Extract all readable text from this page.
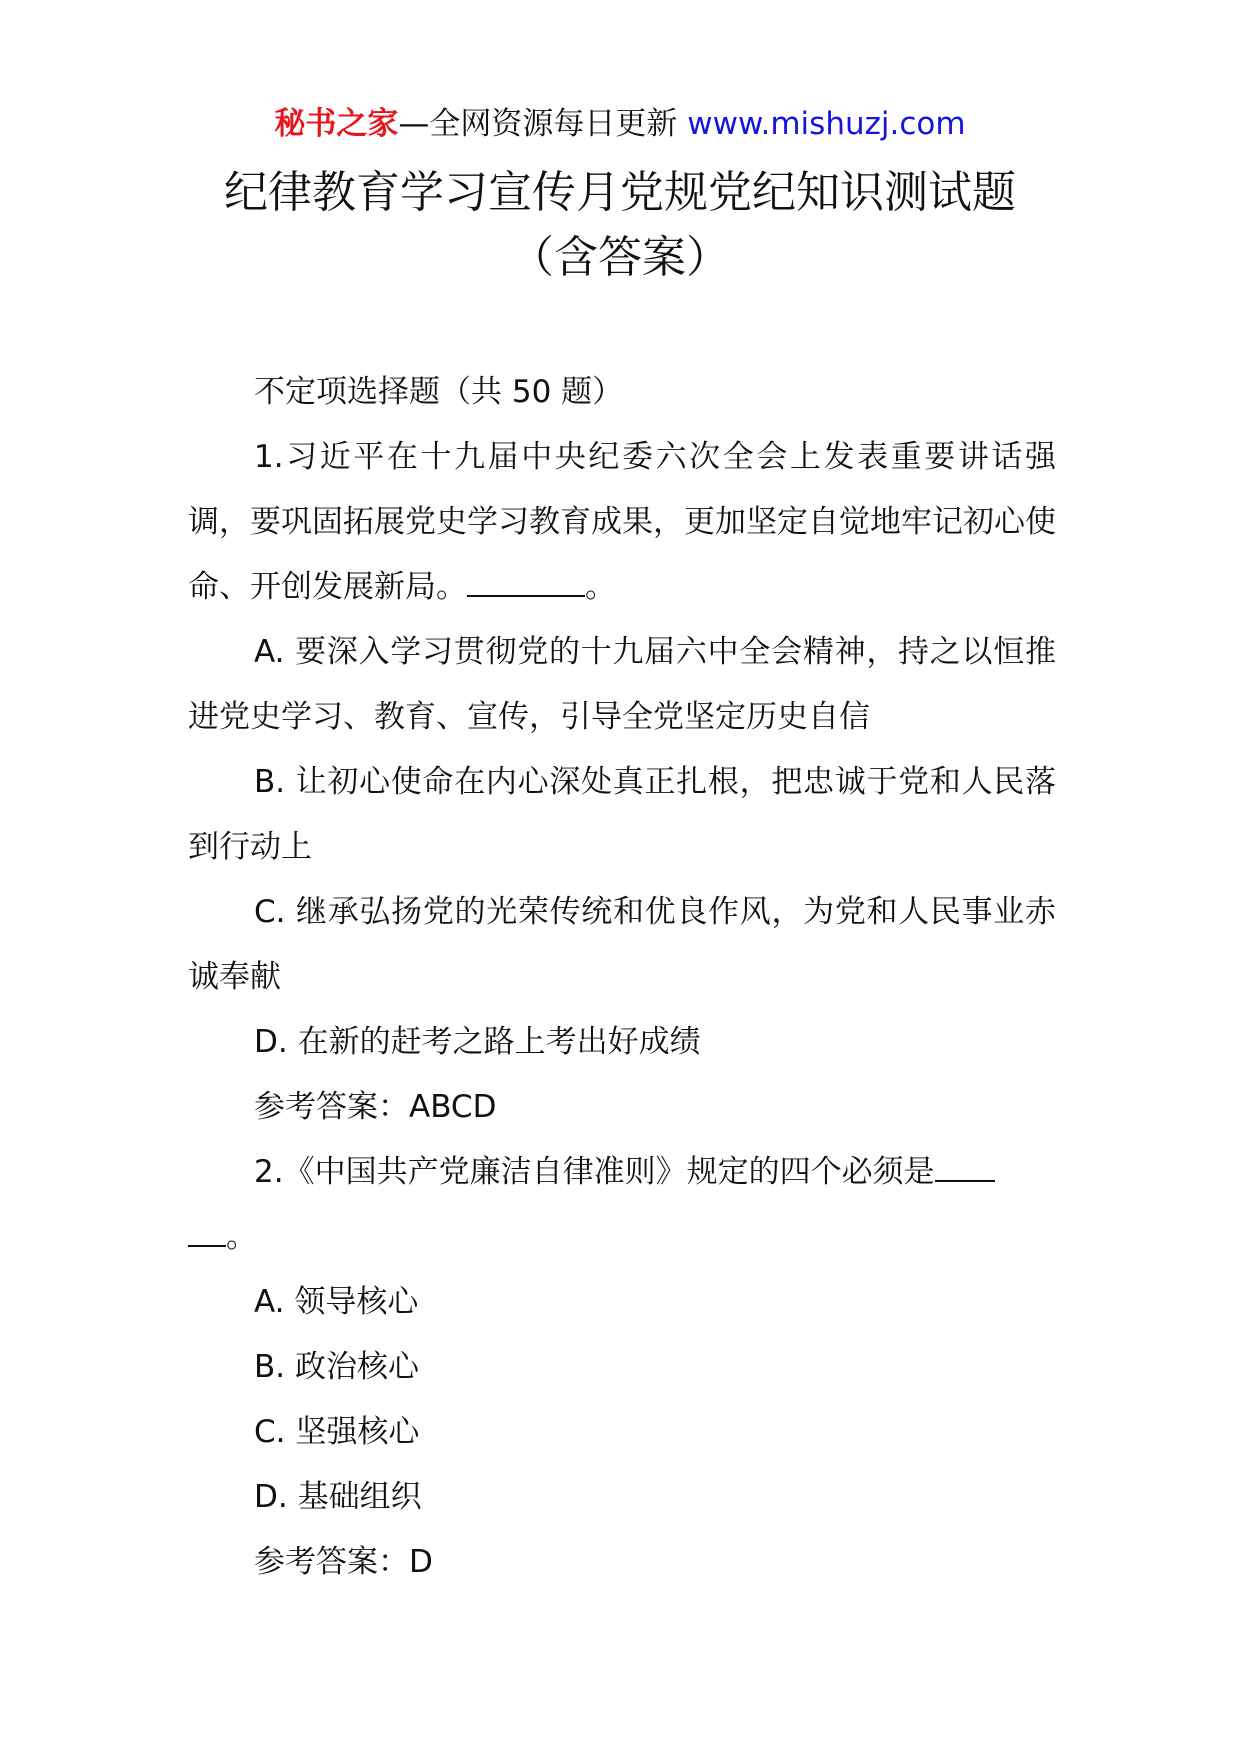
秘书之家—全网资源每日更新 www.mishuzj.com
纪律教育学习宣传月党规党纪知识测试题
（含答案）

不定项选择题（共 50 题）

1.习近平在十九届中央纪委六次全会上发表重要讲话强调，要巩固拓展党史学习教育成果，更加坚定自觉地牢记初心使命、开创发展新局。	。

A. 要深入学习贯彻党的十九届六中全会精神，持之以恒推进党史学习、教育、宣传，引导全党坚定历史自信

B. 让初心使命在内心深处真正扎根，把忠诚于党和人民落到行动上

C. 继承弘扬党的光荣传统和优良作风，为党和人民事业赤诚奉献

D. 在新的赶考之路上考出好成绩

参考答案：ABCD

2.《中国共产党廉洁自律准则》规定的四个必须是

。

A. 领导核心

B. 政治核心

C. 坚强核心

D. 基础组织

参考答案：D
